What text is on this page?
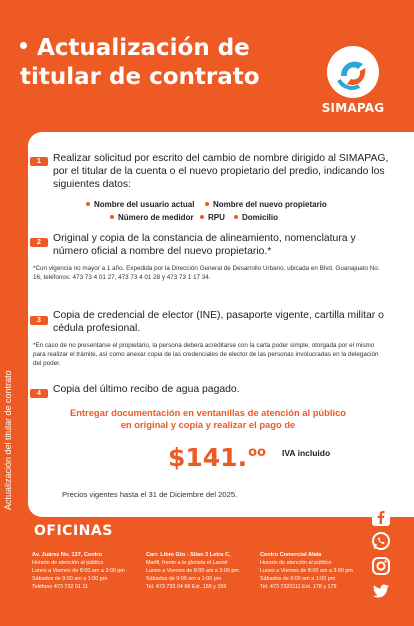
Actualización de
titular de contrato
SIMAPAG
Actualización del titular de contrato
1	Realizar solicitud por escrito del cambio de nombre dirigido al SIMAPAG, por el titular de la cuenta o el nuevo propietario del predio, indicando los siguientes datos:
Nombre del usuario actual	Nombre del nuevo propietario
Número de medidor	RPU	Domicilio
2	Original y copia de la constancia de alineamiento, nomenclatura y número oficial a nombre del nuevo propietario.*
*Con vigencia no mayor a 1 año. Expedida por la Dirección General de Desarrollo Urbano, ubicada en Blvd. Guanajuato No. 16, teléfonos: 473 73 4 01 27, 473 73 4 01 28 y 473 73 1 17 34.
3	Copia de credencial de elector (INE), pasaporte vigente, cartilla militar o cédula profesional.
*En caso de no presentarse el propietario, la persona deberá acreditarse con la carta poder simple, otorgada por el mismo para realizar el trámite, así como anexar copia de las credenciales de elector de las personas involucradas en la delegación del poder.
4	Copia del último recibo de agua pagado.
Entregar documentación en ventanillas de atención al público
en original y copia y realizar el pago de
$141.$^{oo}$ IVA incluido
Precios vigentes hasta el 31 de Diciembre del 2025.
OFICINAS
Av. Juárez No. 137, Centro
Horario de atención al público
Lunes a Viernes de 8:00 am a 3:00 pm
Sábados de 9:00 am a 1:00 pm
Teléfono 473 732 01 11
Carr. Libre Gto - Silao 3 Letra C,
Marfil, frente a la glorieta el Laurel
Lunes a Viernes de 8:00 am a 3:00 pm
Sábados de 9:00 am a 1:00 pm
Tel. 473 733 04 68 Ext. 158 y 159
Centro Comercial Alaïa
Horario de atención al público
Lunes a Viernes de 8:00 am a 3:00 pm
Sábados de 9:00 am a 1:00 pm
Tel. 473 7320111 Ext. 178 y 179
